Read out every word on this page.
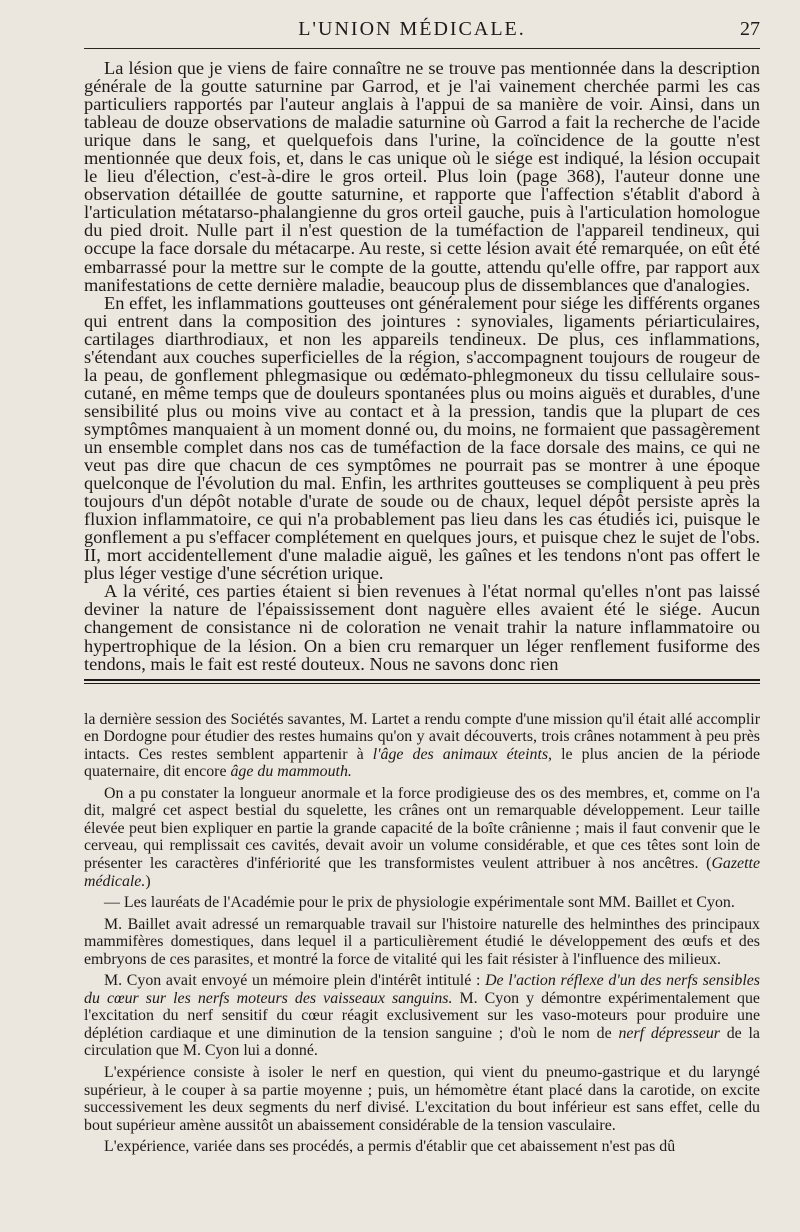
L'UNION MÉDICALE.	27

La lésion que je viens de faire connaître ne se trouve pas mentionnée dans la description générale de la goutte saturnine par Garrod, et je l'ai vainement cherchée parmi les cas particuliers rapportés par l'auteur anglais à l'appui de sa manière de voir. Ainsi, dans un tableau de douze observations de maladie saturnine où Garrod a fait la recherche de l'acide urique dans le sang, et quelquefois dans l'urine, la coïncidence de la goutte n'est mentionnée que deux fois, et, dans le cas unique où le siége est indiqué, la lésion occupait le lieu d'élection, c'est-à-dire le gros orteil. Plus loin (page 368), l'auteur donne une observation détaillée de goutte saturnine, et rapporte que l'affection s'établit d'abord à l'articulation métatarso-phalangienne du gros orteil gauche, puis à l'articulation homologue du pied droit. Nulle part il n'est question de la tuméfaction de l'appareil tendineux, qui occupe la face dorsale du métacarpe. Au reste, si cette lésion avait été remarquée, on eût été embarrassé pour la mettre sur le compte de la goutte, attendu qu'elle offre, par rapport aux manifestations de cette dernière maladie, beaucoup plus de dissemblances que d'analogies.

En effet, les inflammations goutteuses ont généralement pour siége les différents organes qui entrent dans la composition des jointures : synoviales, ligaments périarticulaires, cartilages diarthrodiaux, et non les appareils tendineux. De plus, ces inflammations, s'étendant aux couches superficielles de la région, s'accompagnent toujours de rougeur de la peau, de gonflement phlegmasique ou œdémato-phlegmoneux du tissu cellulaire sous-cutané, en même temps que de douleurs spontanées plus ou moins aiguës et durables, d'une sensibilité plus ou moins vive au contact et à la pression, tandis que la plupart de ces symptômes manquaient à un moment donné ou, du moins, ne formaient que passagèrement un ensemble complet dans nos cas de tuméfaction de la face dorsale des mains, ce qui ne veut pas dire que chacun de ces symptômes ne pourrait pas se montrer à une époque quelconque de l'évolution du mal. Enfin, les arthrites goutteuses se compliquent à peu près toujours d'un dépôt notable d'urate de soude ou de chaux, lequel dépôt persiste après la fluxion inflammatoire, ce qui n'a probablement pas lieu dans les cas étudiés ici, puisque le gonflement a pu s'effacer complétement en quelques jours, et puisque chez le sujet de l'obs. II, mort accidentellement d'une maladie aiguë, les gaînes et les tendons n'ont pas offert le plus léger vestige d'une sécrétion urique.

A la vérité, ces parties étaient si bien revenues à l'état normal qu'elles n'ont pas laissé deviner la nature de l'épaississement dont naguère elles avaient été le siége. Aucun changement de consistance ni de coloration ne venait trahir la nature inflammatoire ou hypertrophique de la lésion. On a bien cru remarquer un léger renflement fusiforme des tendons, mais le fait est resté douteux. Nous ne savons donc rien

la dernière session des Sociétés savantes, M. Lartet a rendu compte d'une mission qu'il était allé accomplir en Dordogne pour étudier des restes humains qu'on y avait découverts, trois crânes notamment à peu près intacts. Ces restes semblent appartenir à l'âge des animaux éteints, le plus ancien de la période quaternaire, dit encore âge du mammouth.

On a pu constater la longueur anormale et la force prodigieuse des os des membres, et, comme on l'a dit, malgré cet aspect bestial du squelette, les crânes ont un remarquable développement. Leur taille élevée peut bien expliquer en partie la grande capacité de la boîte crânienne ; mais il faut convenir que le cerveau, qui remplissait ces cavités, devait avoir un volume considérable, et que ces têtes sont loin de présenter les caractères d'infériorité que les transformistes veulent attribuer à nos ancêtres. (Gazette médicale.)

— Les lauréats de l'Académie pour le prix de physiologie expérimentale sont MM. Baillet et Cyon.

M. Baillet avait adressé un remarquable travail sur l'histoire naturelle des helminthes des principaux mammifères domestiques, dans lequel il a particulièrement étudié le développement des œufs et des embryons de ces parasites, et montré la force de vitalité qui les fait résister à l'influence des milieux.

M. Cyon avait envoyé un mémoire plein d'intérêt intitulé : De l'action réflexe d'un des nerfs sensibles du cœur sur les nerfs moteurs des vaisseaux sanguins. M. Cyon y démontre expérimentalement que l'excitation du nerf sensitif du cœur réagit exclusivement sur les vaso-moteurs pour produire une déplétion cardiaque et une diminution de la tension sanguine ; d'où le nom de nerf dépresseur de la circulation que M. Cyon lui a donné.

L'expérience consiste à isoler le nerf en question, qui vient du pneumo-gastrique et du laryngé supérieur, à le couper à sa partie moyenne ; puis, un hémomètre étant placé dans la carotide, on excite successivement les deux segments du nerf divisé. L'excitation du bout inférieur est sans effet, celle du bout supérieur amène aussitôt un abaissement considérable de la tension vasculaire.

L'expérience, variée dans ses procédés, a permis d'établir que cet abaissement n'est pas dû
